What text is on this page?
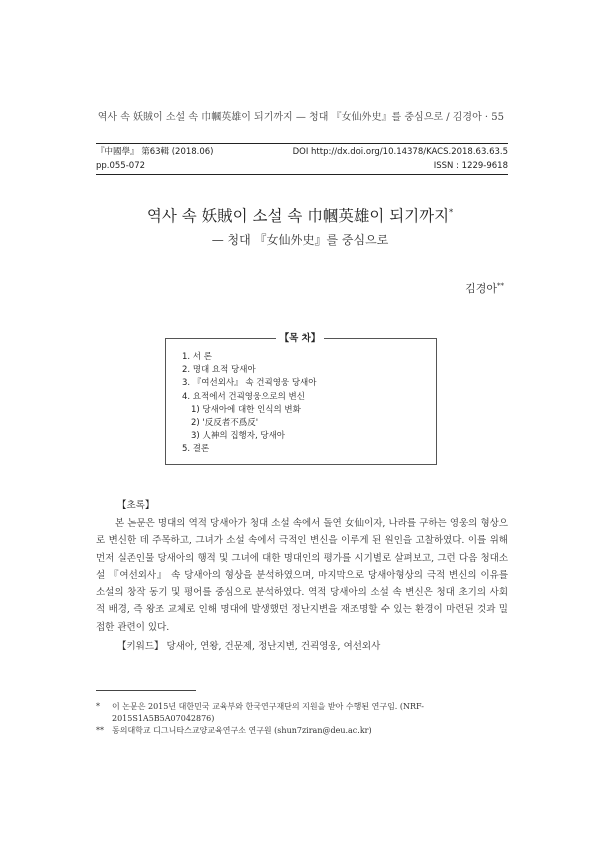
역사 속 妖賊이 소설 속 巾幗英雄이 되기까지 — 청대 『女仙外史』를 중심으로 / 김경아 · 55
『中國學』 第63輯 (2018.06)	DOI http://dx.doi.org/10.14378/KACS.2018.63.63.5
pp.055-072	ISSN : 1229-9618
역사 속 妖賊이 소설 속 巾幗英雄이 되기까지*
— 청대 『女仙外史』를 중심으로
김경아**
1. 서 론
2. 명대 요적 당새아
3. 『여선외사』 속 건괵영웅 당새아
4. 요적에서 건괵영웅으로의 변신
1) 당새아에 대한 인식의 변화
2) '反反者不爲反'
3) 人神의 집행자, 당새아
5. 결론
【목 차】
【초록】
본 논문은 명대의 역적 당새아가 청대 소설 속에서 돌연 女仙이자, 나라를 구하는 영웅의 형상으로 변신한 데 주목하고, 그녀가 소설 속에서 극적인 변신을 이루게 된 원인을 고찰하였다. 이를 위해 먼저 실존인물 당새아의 행적 및 그녀에 대한 명대인의 평가를 시기별로 살펴보고, 그런 다음 청대소설 『여선외사』 속 당새아의 형상을 분석하였으며, 마지막으로 당새아형상의 극적 변신의 이유를 소설의 창작 동기 및 평어를 중심으로 분석하였다. 역적 당새아의 소설 속 변신은 청대 초기의 사회적 배경, 즉 왕조 교체로 인해 명대에 발생했던 정난지변을 재조명할 수 있는 환경이 마련된 것과 밀접한 관련이 있다.
【키워드】 당새아, 연왕, 건문제, 정난지변, 건괵영웅, 여선외사
* 이 논문은 2015년 대한민국 교육부와 한국연구재단의 지원을 받아 수행된 연구임. (NRF-2015S1A5B5A07042876)
** 동의대학교 디그니타스교양교육연구소 연구원 (shun7ziran@deu.ac.kr)
